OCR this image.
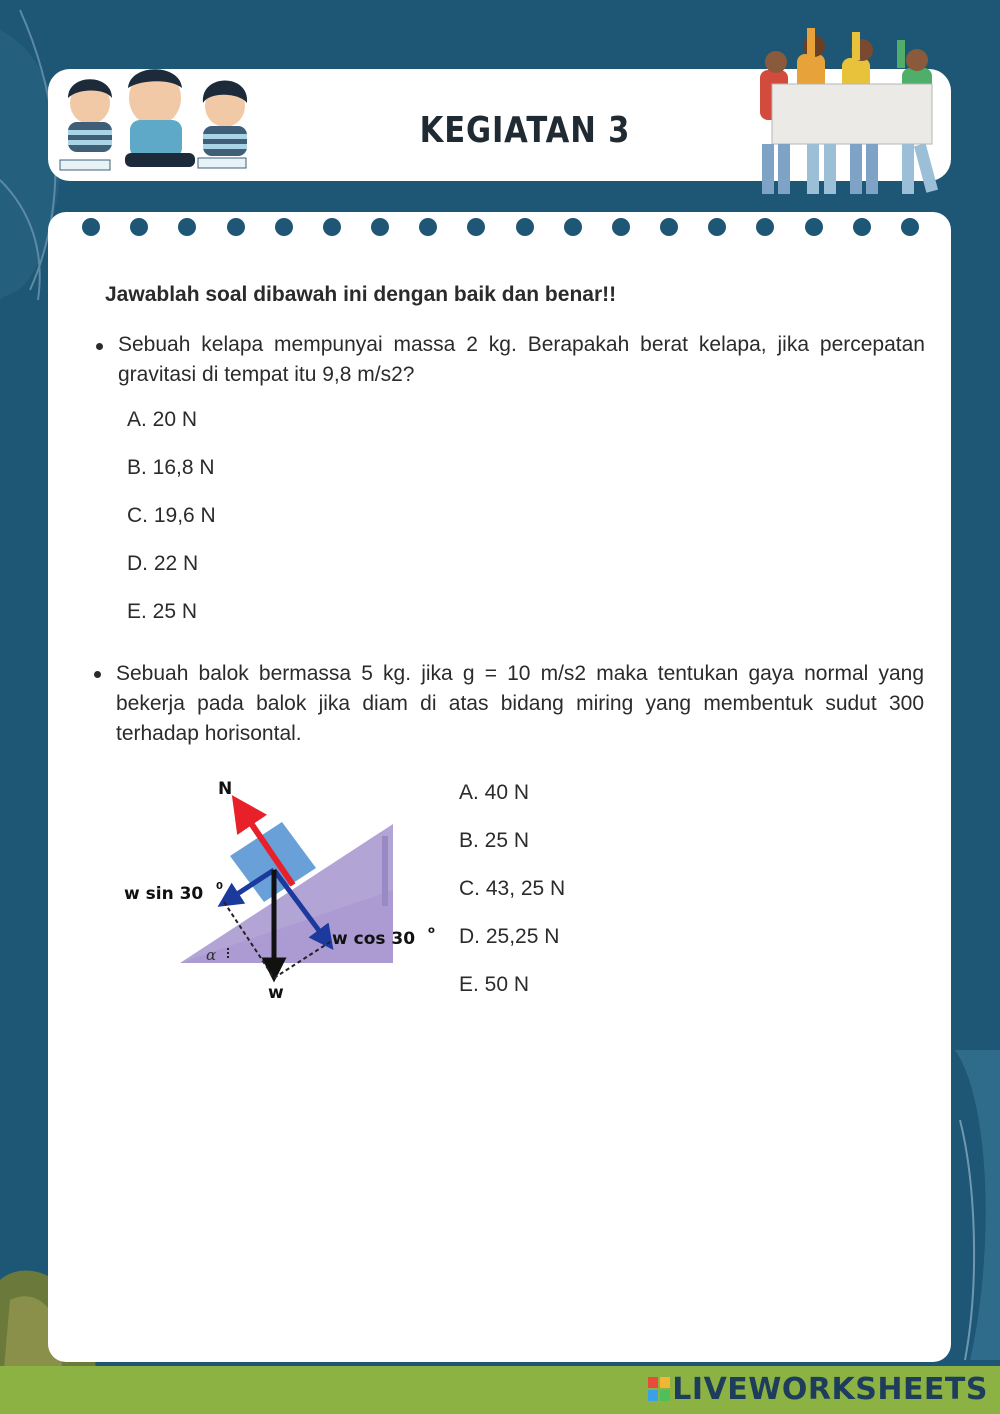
KEGIATAN 3
Jawablah soal dibawah ini dengan baik dan benar!!
Sebuah kelapa mempunyai massa 2 kg. Berapakah berat kelapa, jika percepatan gravitasi di tempat itu 9,8 m/s2?
A. 20 N
B. 16,8 N
C. 19,6 N
D. 22 N
E. 25 N
Sebuah balok bermassa 5 kg. jika g = 10 m/s2 maka tentukan gaya normal yang bekerja pada balok jika diam di atas bidang miring yang membentuk sudut 300 terhadap horisontal.
N
w sin 30 0
w cos 30 o
α
w
A. 40 N
B. 25 N
C. 43, 25 N
D. 25,25 N
E. 50 N
LIVEWORKSHEETS
